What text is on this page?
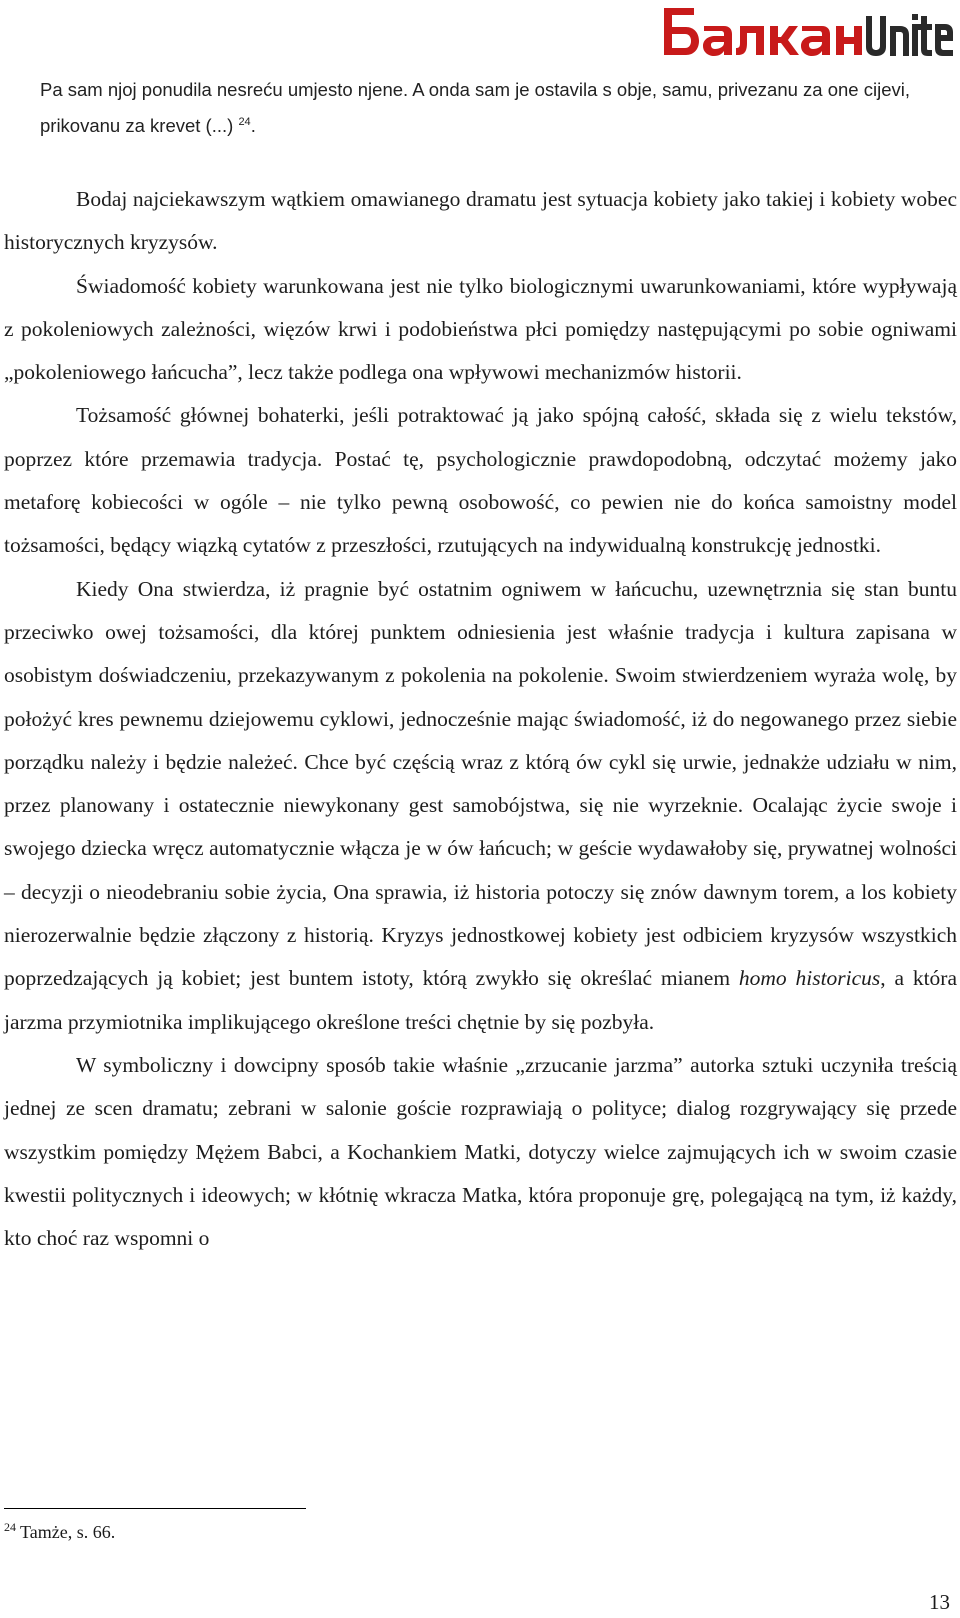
Pa sam njoj ponudila nesreću umjesto njene. A onda sam je ostavila s obje, samu, privezanu za one cijevi, prikovanu za krevet (...) $^{24}$.

Bodaj najciekawszym wątkiem omawianego dramatu jest sytuacja kobiety jako takiej i kobiety wobec historycznych kryzysów.

Świadomość kobiety warunkowana jest nie tylko biologicznymi uwarunkowaniami, które wypływają z pokoleniowych zależności, więzów krwi i podobieństwa płci pomiędzy następującymi po sobie ogniwami „pokoleniowego łańcucha”, lecz także podlega ona wpływowi mechanizmów historii.

Tożsamość głównej bohaterki, jeśli potraktować ją jako spójną całość, składa się z wielu tekstów, poprzez które przemawia tradycja. Postać tę, psychologicznie prawdopodobną, odczytać możemy jako metaforę kobiecości w ogóle – nie tylko pewną osobowość, co pewien nie do końca samoistny model tożsamości, będący wiązką cytatów z przeszłości, rzutujących na indywidualną konstrukcję jednostki.

Kiedy Ona stwierdza, iż pragnie być ostatnim ogniwem w łańcuchu, uzewnętrznia się stan buntu przeciwko owej tożsamości, dla której punktem odniesienia jest właśnie tradycja i kultura zapisana w osobistym doświadczeniu, przekazywanym z pokolenia na pokolenie. Swoim stwierdzeniem wyraża wolę, by położyć kres pewnemu dziejowemu cyklowi, jednocześnie mając świadomość, iż do negowanego przez siebie porządku należy i będzie należeć. Chce być częścią wraz z którą ów cykl się urwie, jednakże udziału w nim, przez planowany i ostatecznie niewykonany gest samobójstwa, się nie wyrzeknie. Ocalając życie swoje i swojego dziecka wręcz automatycznie włącza je w ów łańcuch; w geście wydawałoby się, prywatnej wolności – decyzji o nieodebraniu sobie życia, Ona sprawia, iż historia potoczy się znów dawnym torem, a los kobiety nierozerwalnie będzie złączony z historią. Kryzys jednostkowej kobiety jest odbiciem kryzysów wszystkich poprzedzających ją kobiet; jest buntem istoty, którą zwykło się określać mianem homo historicus, a która jarzma przymiotnika implikującego określone treści chętnie by się pozbyła.

W symboliczny i dowcipny sposób takie właśnie „zrzucanie jarzma” autorka sztuki uczyniła treścią jednej ze scen dramatu; zebrani w salonie goście rozprawiają o polityce; dialog rozgrywający się przede wszystkim pomiędzy Mężem Babci, a Kochankiem Matki, dotyczy wielce zajmujących ich w swoim czasie kwestii politycznych i ideowych; w kłótnię wkracza Matka, która proponuje grę, polegającą na tym, iż każdy, kto choć raz wspomni o

$^{24}$ Tamże, s. 66.
13
